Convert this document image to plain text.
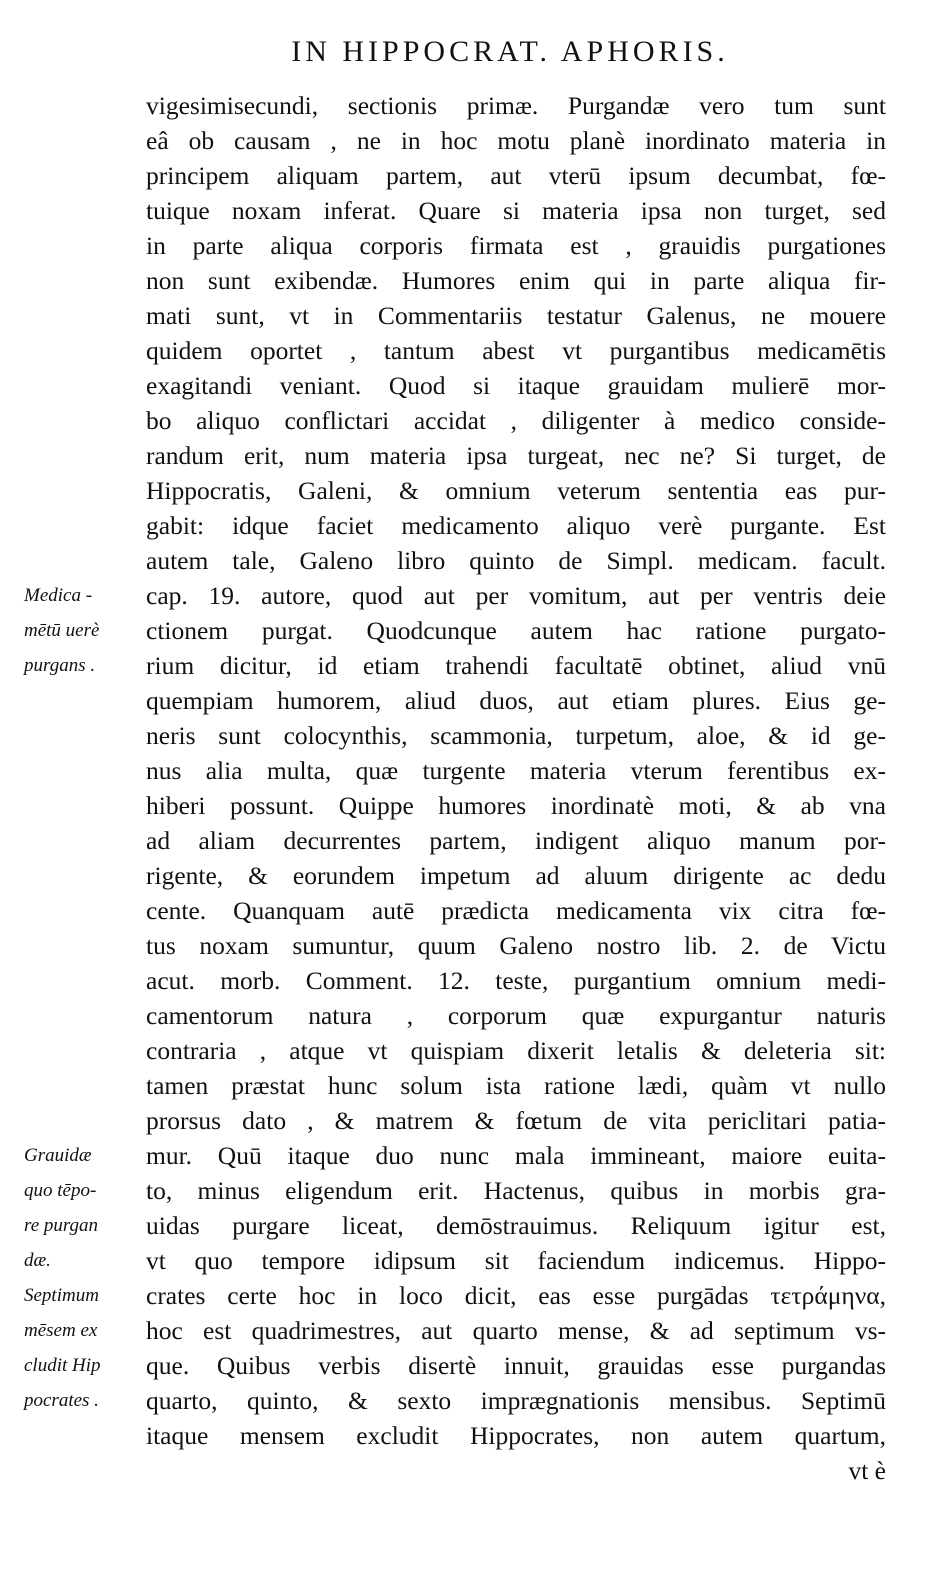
IN HIPPOCRAT. APHORIS.
vigesimisecundi, sectionis primæ. Purgandæ vero tum sunt
eâ ob causam , ne in hoc motu planè inordinato materia in
principem aliquam partem, aut vterū ipsum decumbat, fœ-
tuique noxam inferat. Quare si materia ipsa non turget, sed
in parte aliqua corporis firmata est , grauidis purgationes
non sunt exibendæ. Humores enim qui in parte aliqua fir-
mati sunt, vt in Commentariis testatur Galenus, ne mouere
quidem oportet , tantum abest vt purgantibus medicamētis
exagitandi veniant. Quod si itaque grauidam mulierē mor-
bo aliquo conflictari accidat , diligenter à medico conside-
randum erit, num materia ipsa turgeat, nec ne? Si turget, de
Hippocratis, Galeni, & omnium veterum sententia eas pur-
gabit: idque faciet medicamento aliquo verè purgante. Est
autem tale, Galeno libro quinto de Simpl. medicam. facult.
cap. 19. autore, quod aut per vomitum, aut per ventris deie
ctionem purgat. Quodcunque autem hac ratione purgato-
rium dicitur, id etiam trahendi facultatē obtinet, aliud vnū
quempiam humorem, aliud duos, aut etiam plures. Eius ge-
neris sunt colocynthis, scammonia, turpetum, aloe, & id ge-
nus alia multa, quæ turgente materia vterum ferentibus ex-
hiberi possunt. Quippe humores inordinatè moti, & ab vna
ad aliam decurrentes partem, indigent aliquo manum por-
rigente, & eorundem impetum ad aluum dirigente ac dedu
cente. Quanquam autē prædicta medicamenta vix citra fœ-
tus noxam sumuntur, quum Galeno nostro lib. 2. de Victu
acut. morb. Comment. 12. teste, purgantium omnium medi-
camentorum natura , corporum quæ expurgantur naturis
contraria , atque vt quispiam dixerit letalis & deleteria sit:
tamen præstat hunc solum ista ratione lædi, quàm vt nullo
prorsus dato , & matrem & fœtum de vita periclitari patia-
mur. Quū itaque duo nunc mala immineant, maiore euita-
to, minus eligendum erit. Hactenus, quibus in morbis gra-
uidas purgare liceat, demōstrauimus. Reliquum igitur est,
vt quo tempore idipsum sit faciendum indicemus. Hippo-
crates certe hoc in loco dicit, eas esse purgādas τετράμηνα,
hoc est quadrimestres, aut quarto mense, & ad septimum vs-
que. Quibus verbis disertè innuit, grauidas esse purgandas
quarto, quinto, & sexto imprægnationis mensibus. Septimū
itaque mensem excludit Hippocrates, non autem quartum,
vt è
Medica -
mētū uerè
purgans .
Grauidæ
quo tēpo-
re purgan
dæ.
Septimum
mēsem ex
cludit Hip
pocrates .
